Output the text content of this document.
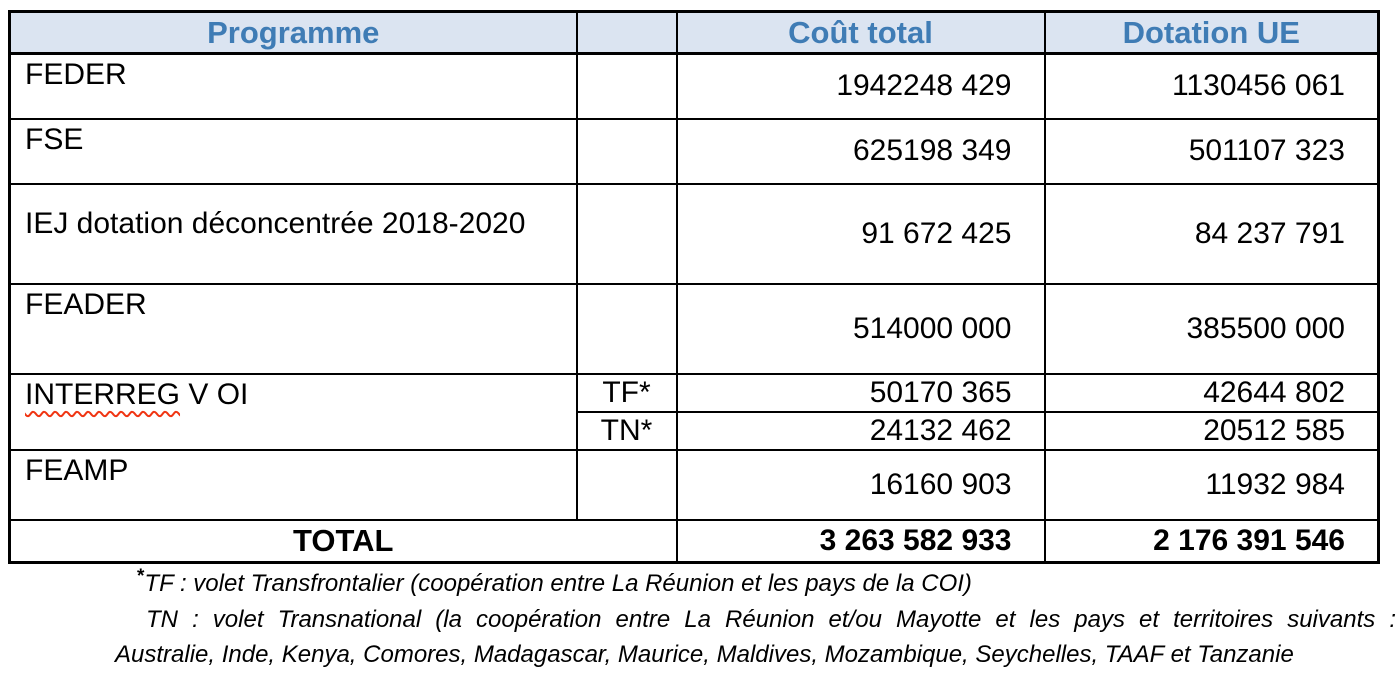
Programme		Coût total	Dotation UE
FEDER		1942248 429	1130456 061
FSE		625198 349	501107 323
IEJ dotation déconcentrée 2018-2020		91 672 425	84 237 791
FEADER		514000 000	385500 000
INTERREG V OI	TF*	50170 365	42644 802
	TN*	24132 462	20512 585
FEAMP		16160 903	11932 984
TOTAL		3 263 582 933	2 176 391 546
*TF : volet Transfrontalier (coopération entre La Réunion et les pays de la COI)
TN : volet Transnational (la coopération entre La Réunion et/ou Mayotte et les pays et territoires suivants :
Australie, Inde, Kenya, Comores, Madagascar, Maurice, Maldives, Mozambique, Seychelles, TAAF et Tanzanie
